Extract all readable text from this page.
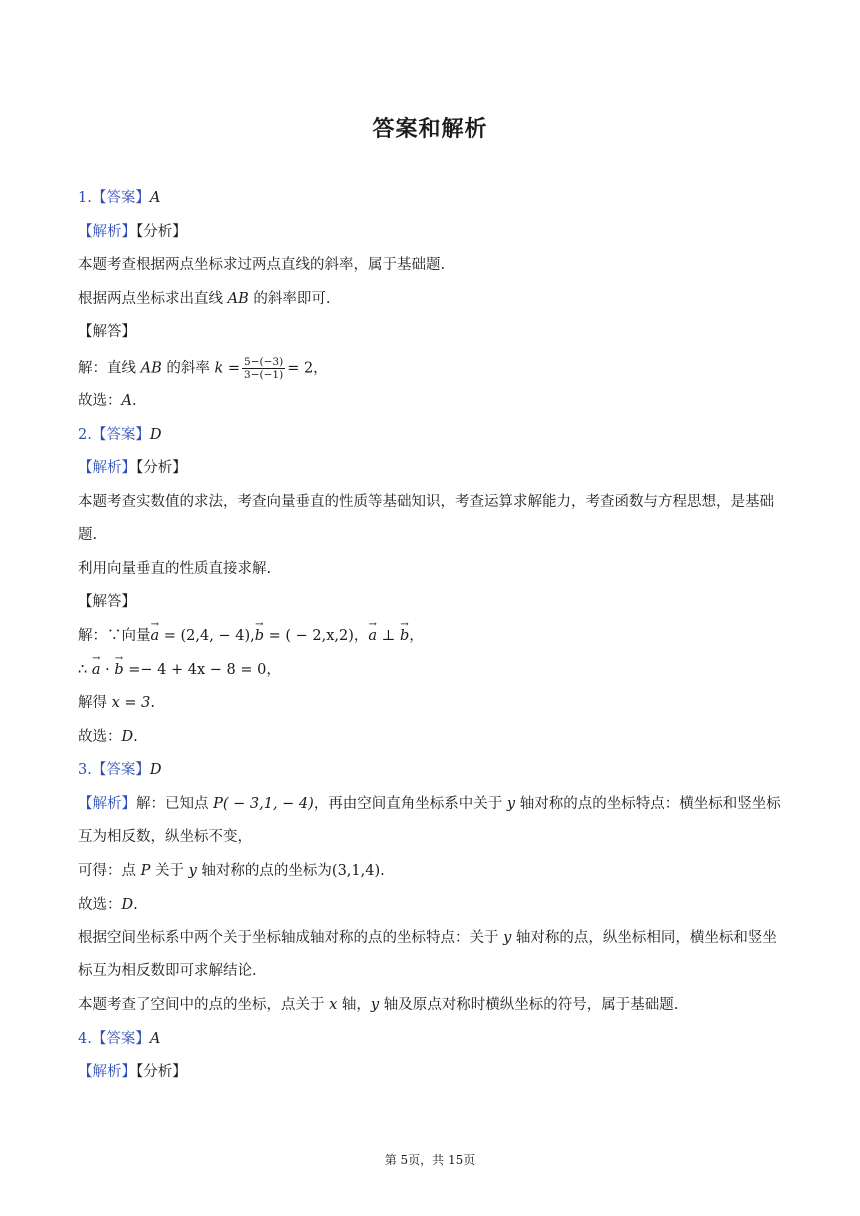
答案和解析
1.【答案】A
【解析】【分析】
本题考查根据两点坐标求过两点直线的斜率，属于基础题.
根据两点坐标求出直线 AB 的斜率即可.
【解答】
解：直线 AB 的斜率 $k = \frac{5-(-3)}{3-(-1)} = 2$，
故选：A.
2.【答案】D
【解析】【分析】
本题考查实数值的求法，考查向量垂直的性质等基础知识，考查运算求解能力，考查函数与方程思想，是基础题.
利用向量垂直的性质直接求解.
【解答】
解：∵向量→ a = (2,4, − 4),→ b = ( − 2,x,2)，→ a ⊥ → b，
∴ → a · → b =− 4 + 4x − 8 = 0，
解得 x = 3.
故选：D.
3.【答案】D
【解析】解：已知点 P( − 3,1, − 4)，再由空间直角坐标系中关于 y 轴对称的点的坐标特点：横坐标和竖坐标互为相反数，纵坐标不变，
可得：点 P 关于 y 轴对称的点的坐标为(3,1,4).
故选：D.
根据空间坐标系中两个关于坐标轴成轴对称的点的坐标特点：关于 y 轴对称的点，纵坐标相同，横坐标和竖坐标互为相反数即可求解结论.
本题考查了空间中的点的坐标，点关于 x 轴，y 轴及原点对称时横纵坐标的符号，属于基础题.
4.【答案】A
【解析】【分析】
第 5页，共 15页
